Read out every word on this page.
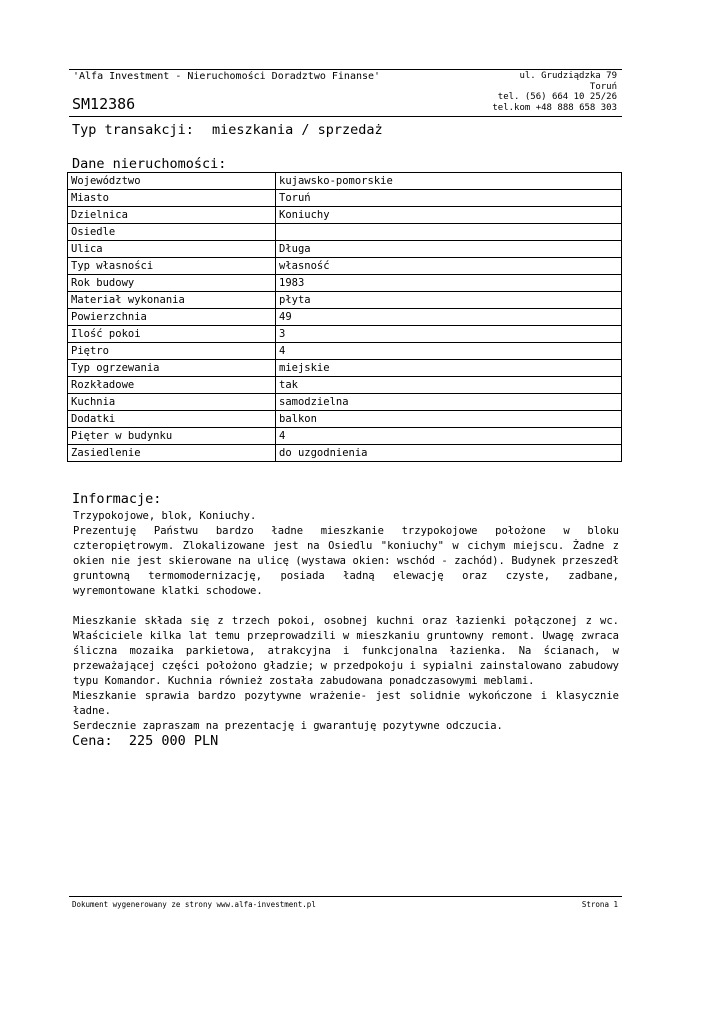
'Alfa Investment - Nieruchomości Doradztwo Finanse'
SM12386
ul. Grudziądzka 79
Toruń
tel. (56) 664 10 25/26
tel.kom +48 888 658 303
Typ transakcji: mieszkania / sprzedaż
Dane nieruchomości:
Województwo	kujawsko-pomorskie
Miasto	Toruń
Dzielnica	Koniuchy
Osiedle	
Ulica	Długa
Typ własności	własność
Rok budowy	1983
Materiał wykonania	płyta
Powierzchnia	49
Ilość pokoi	3
Piętro	4
Typ ogrzewania	miejskie
Rozkładowe	tak
Kuchnia	samodzielna
Dodatki	balkon
Pięter w budynku	4
Zasiedlenie	do uzgodnienia
Informacje:

Trzypokojowe, blok, Koniuchy.

Prezentuję Państwu bardzo ładne mieszkanie trzypokojowe położone w bloku czteropiętrowym. Zlokalizowane jest na Osiedlu "koniuchy" w cichym miejscu. Żadne z okien nie jest skierowane na ulicę (wystawa okien: wschód - zachód). Budynek przeszedł gruntowną termomodernizację, posiada ładną elewację oraz czyste, zadbane, wyremontowane klatki schodowe.

Mieszkanie składa się z trzech pokoi, osobnej kuchni oraz łazienki połączonej z wc. Właściciele kilka lat temu przeprowadzili w mieszkaniu gruntowny remont. Uwagę zwraca śliczna mozaika parkietowa, atrakcyjna i funkcjonalna łazienka. Na ścianach, w przeważającej części położono gładzie; w przedpokoju i sypialni zainstalowano zabudowy typu Komandor. Kuchnia również została zabudowana ponadczasowymi meblami.

Mieszkanie sprawia bardzo pozytywne wrażenie- jest solidnie wykończone i klasycznie ładne.

Serdecznie zapraszam na prezentację i gwarantuję pozytywne odczucia.

Cena: 225 000 PLN
Dokument wygenerowany ze strony www.alfa-investment.pl	Strona 1
